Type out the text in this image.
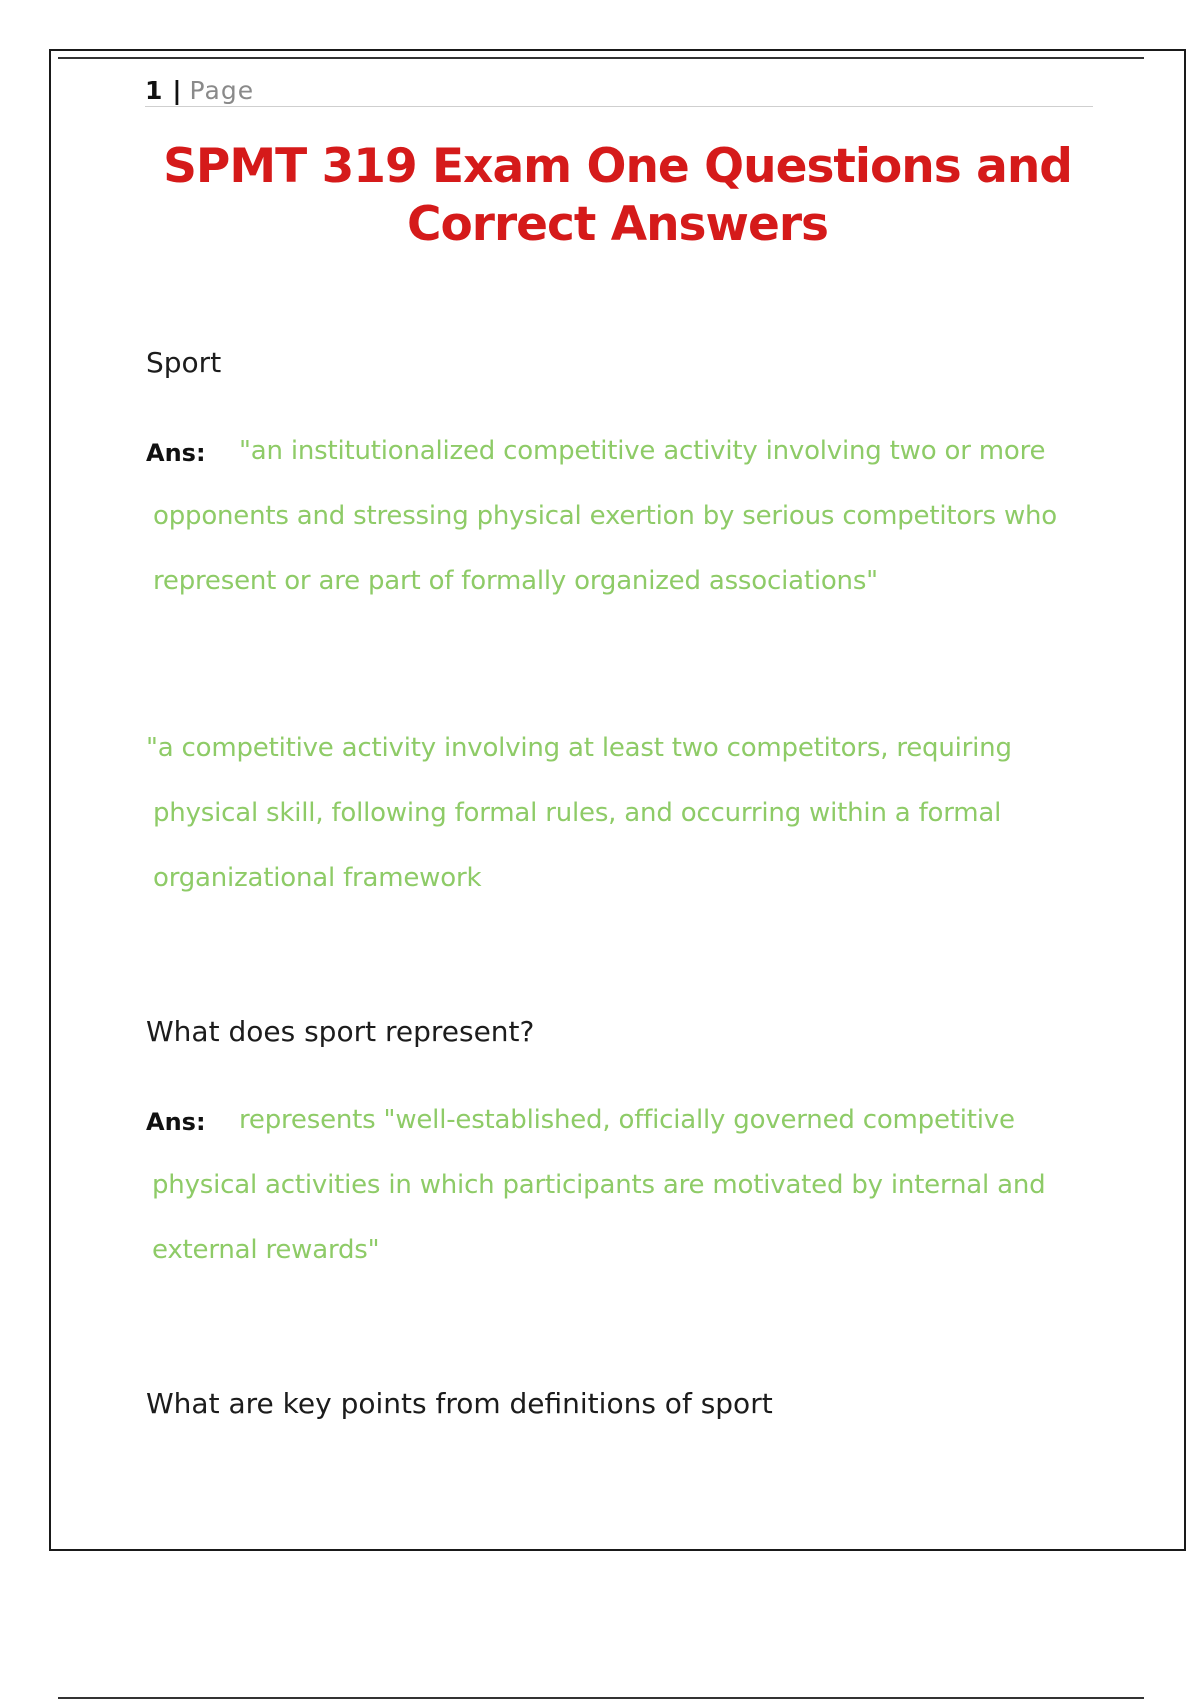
1 | Page
SPMT 319 Exam One Questions and
Correct Answers

Sport

Ans: "an institutionalized competitive activity involving two or more

opponents and stressing physical exertion by serious competitors who

represent or are part of formally organized associations"

"a competitive activity involving at least two competitors, requiring

physical skill, following formal rules, and occurring within a formal

organizational framework

What does sport represent?

Ans: represents "well-established, officially governed competitive

physical activities in which participants are motivated by internal and

external rewards"

What are key points from definitions of sport
